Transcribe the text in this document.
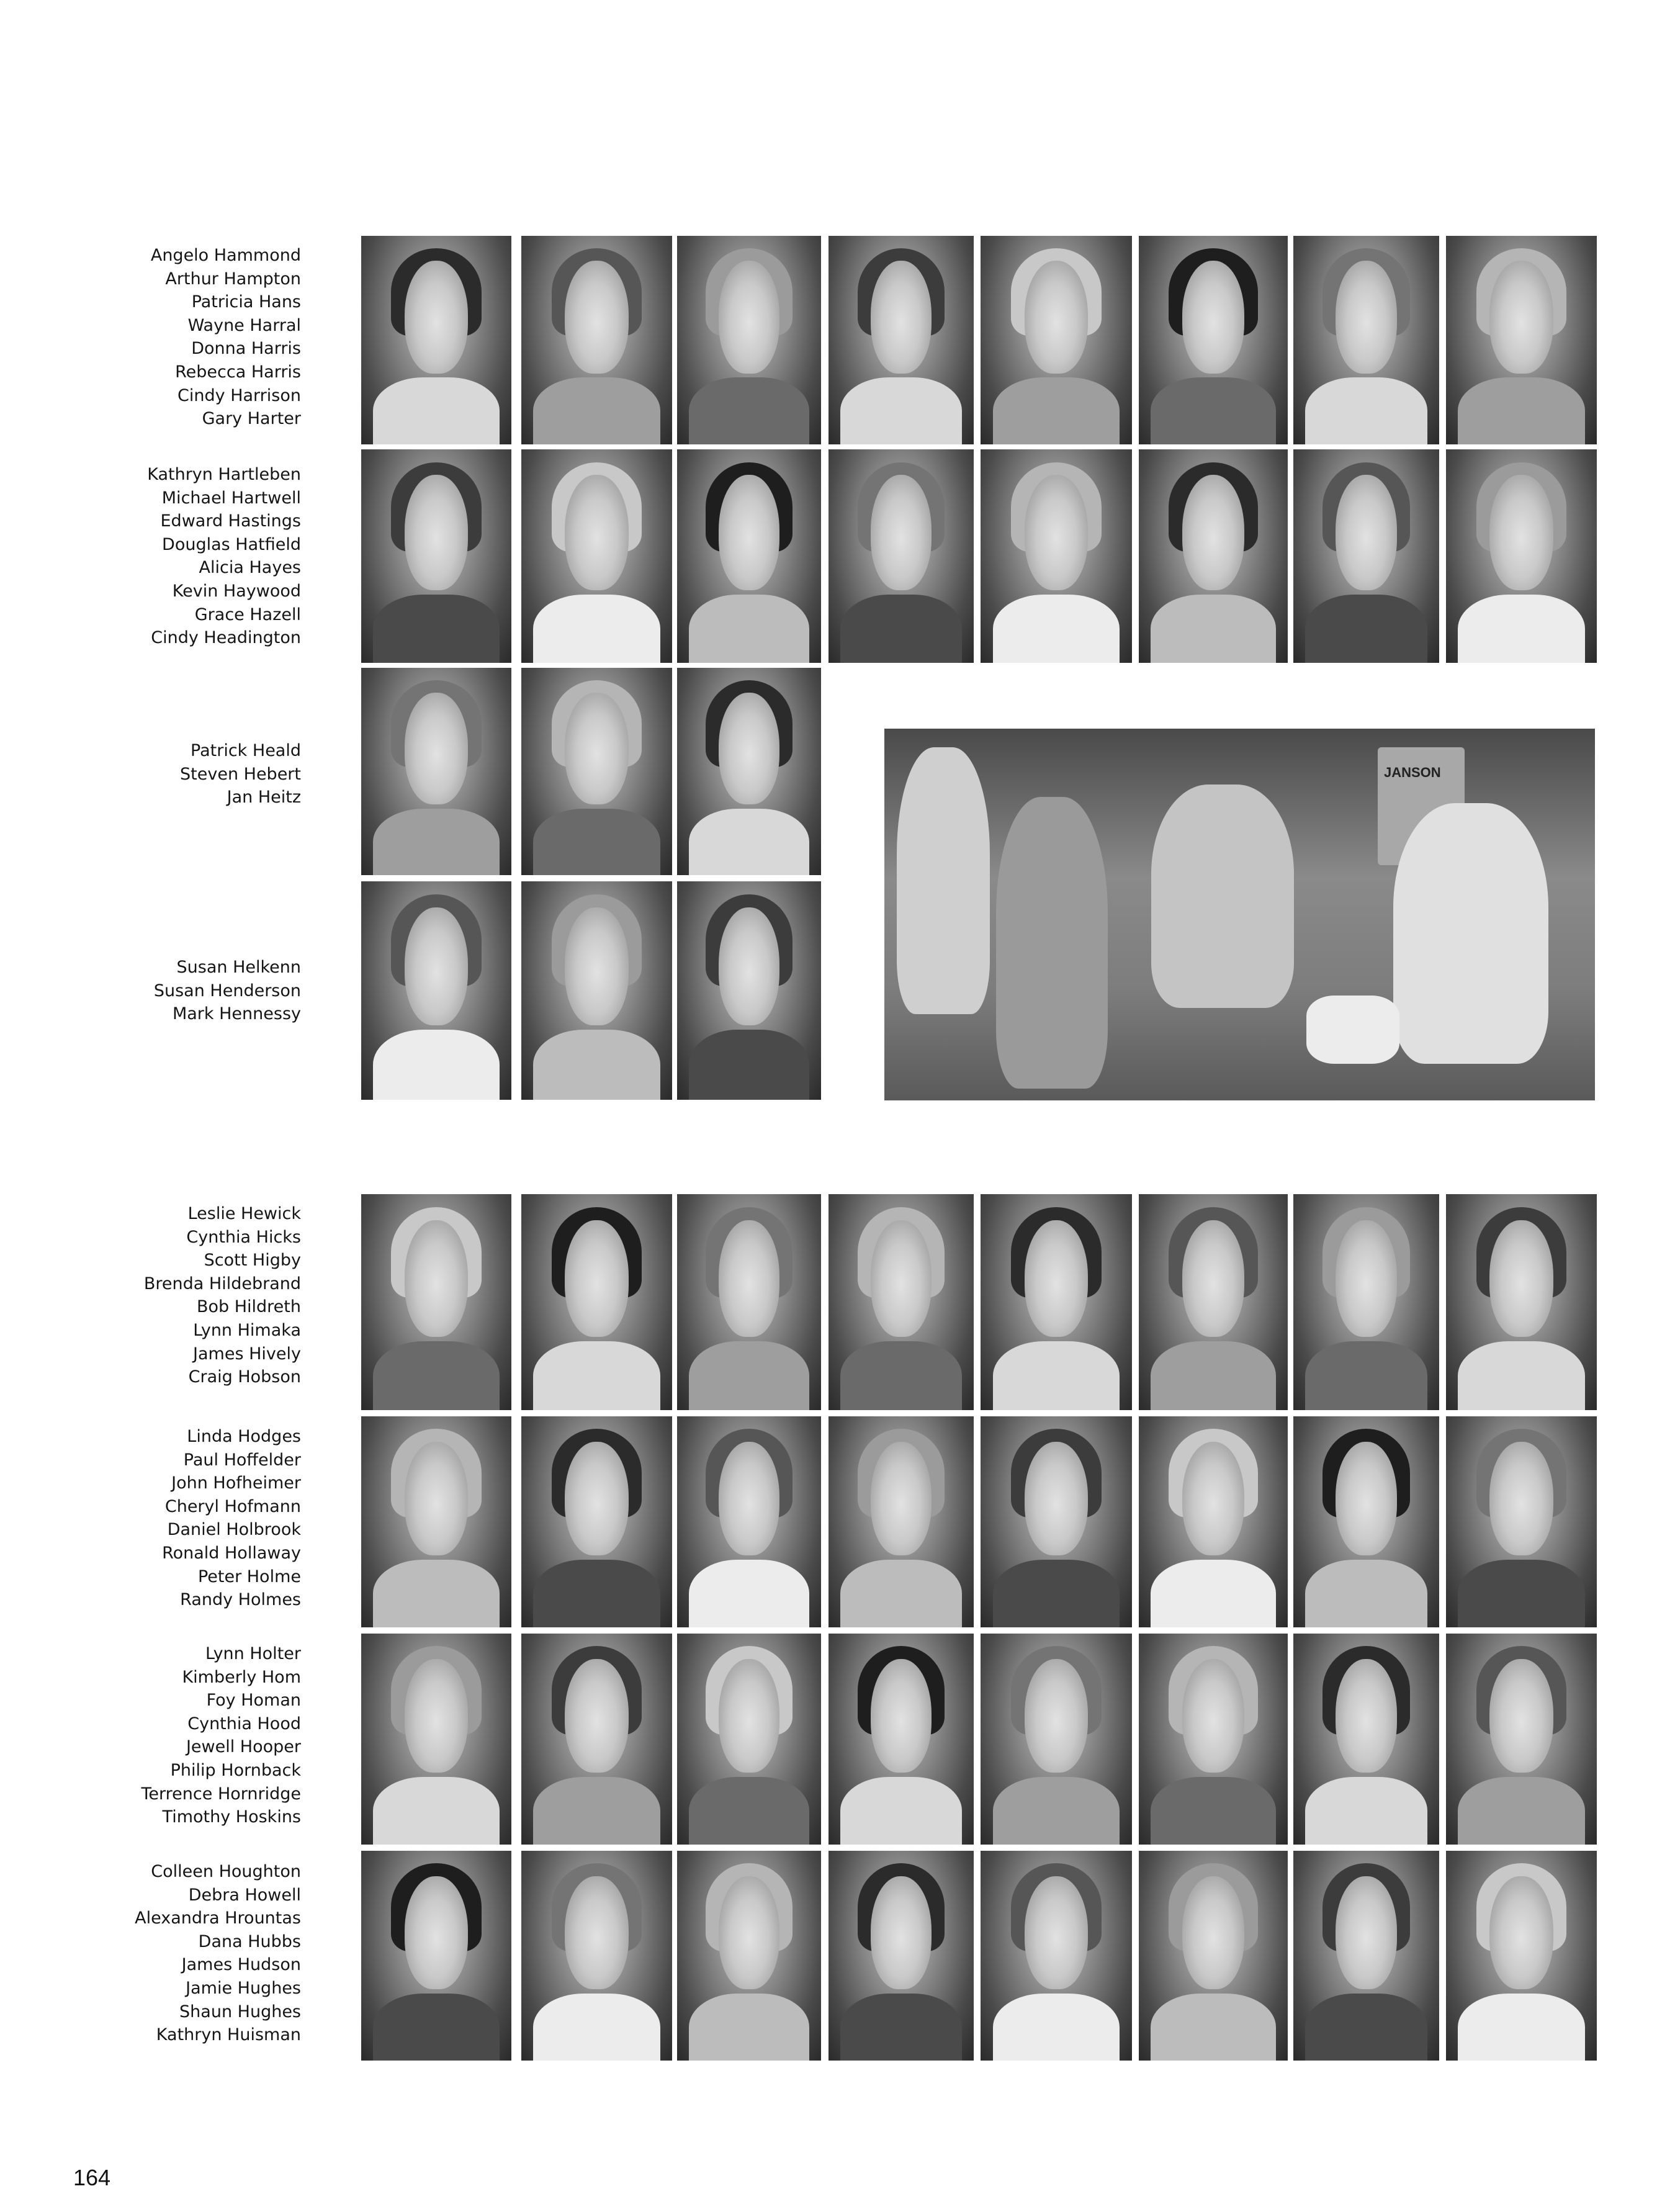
Angelo Hammond
Arthur Hampton
Patricia Hans
Wayne Harral
Donna Harris
Rebecca Harris
Cindy Harrison
Gary Harter
Kathryn Hartleben
Michael Hartwell
Edward Hastings
Douglas Hatfield
Alicia Hayes
Kevin Haywood
Grace Hazell
Cindy Headington
Patrick Heald
Steven Hebert
Jan Heitz
Susan Helkenn
Susan Henderson
Mark Hennessy
Leslie Hewick
Cynthia Hicks
Scott Higby
Brenda Hildebrand
Bob Hildreth
Lynn Himaka
James Hively
Craig Hobson
Linda Hodges
Paul Hoffelder
John Hofheimer
Cheryl Hofmann
Daniel Holbrook
Ronald Hollaway
Peter Holme
Randy Holmes
Lynn Holter
Kimberly Hom
Foy Homan
Cynthia Hood
Jewell Hooper
Philip Hornback
Terrence Hornridge
Timothy Hoskins
Colleen Houghton
Debra Howell
Alexandra Hrountas
Dana Hubbs
James Hudson
Jamie Hughes
Shaun Hughes
Kathryn Huisman
JANSON
164
